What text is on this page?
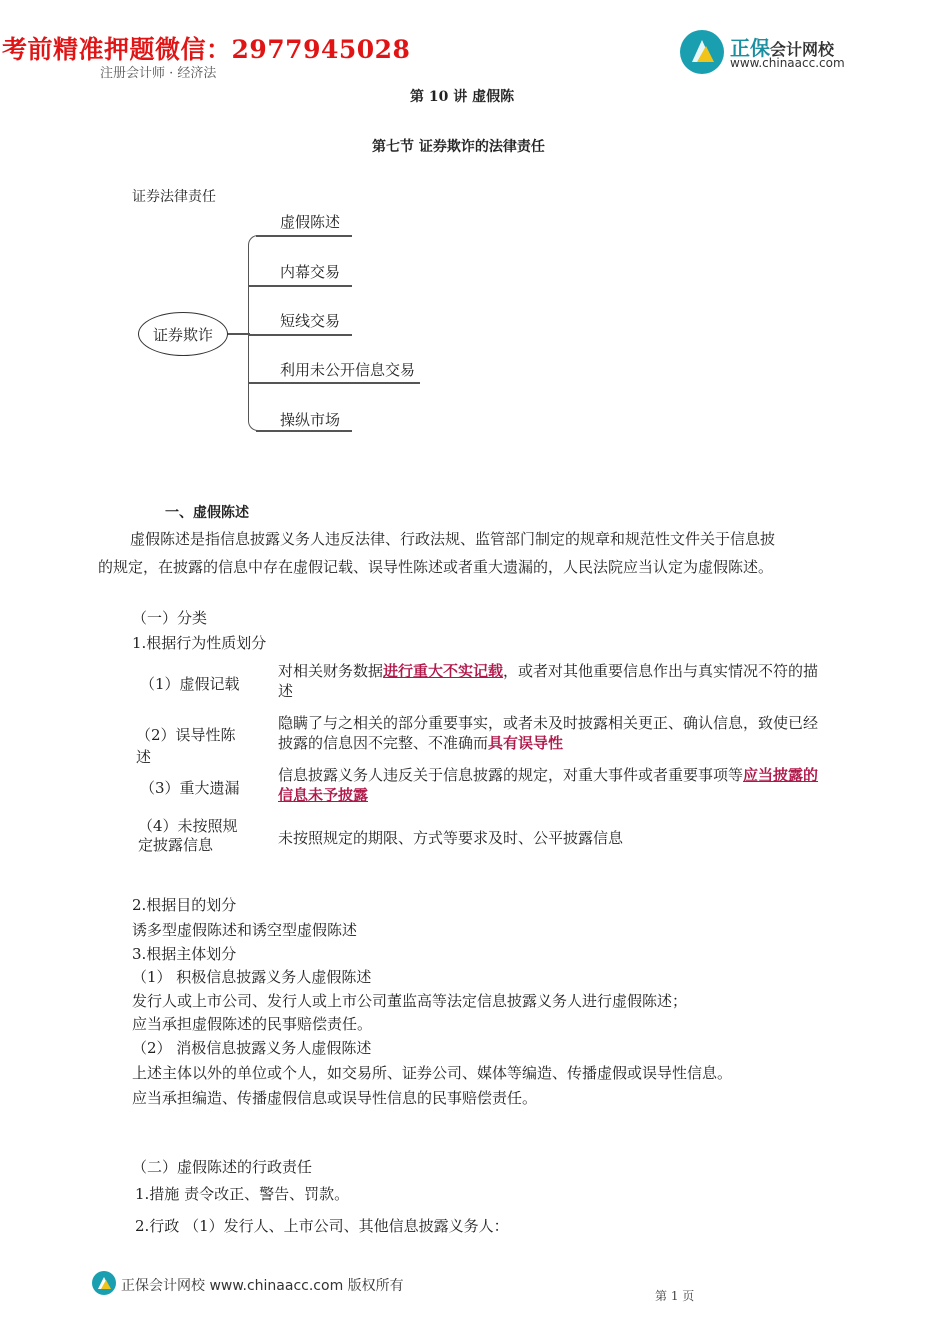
考前精准押题微信：2977945028	正保会计网校
www.chinaacc.com
注册会计师 · 经济法
第 10 讲 虚假陈
第七节 证券欺诈的法律责任
证券法律责任
证券欺诈
虚假陈述
内幕交易
短线交易
利用未公开信息交易
操纵市场
一、虚假陈述
虚假陈述是指信息披露义务人违反法律、行政法规、监管部门制定的规章和规范性文件关于信息披
的规定，在披露的信息中存在虚假记载、误导性陈述或者重大遗漏的，人民法院应当认定为虚假陈述。
（一）分类
1.根据行为性质划分
（1）虚假记载
对相关财务数据进行重大不实记载，或者对其他重要信息作出与真实情况不符的描述
（2）误导性陈述
隐瞒了与之相关的部分重要事实，或者未及时披露相关更正、确认信息，致使已经披露的信息因不完整、不准确而具有误导性
（3）重大遗漏
信息披露义务人违反关于信息披露的规定，对重大事件或者重要事项等应当披露的信息未予披露
（4）未按照规定披露信息	未按照规定的期限、方式等要求及时、公平披露信息
2.根据目的划分
诱多型虚假陈述和诱空型虚假陈述
3.根据主体划分
（1） 积极信息披露义务人虚假陈述
发行人或上市公司、发行人或上市公司董监高等法定信息披露义务人进行虚假陈述；
应当承担虚假陈述的民事赔偿责任。
（2） 消极信息披露义务人虚假陈述
上述主体以外的单位或个人，如交易所、证券公司、媒体等编造、传播虚假或误导性信息。
应当承担编造、传播虚假信息或误导性信息的民事赔偿责任。
（二）虚假陈述的行政责任
1.措施 责令改正、警告、罚款。
2.行政 （1）发行人、上市公司、其他信息披露义务人：
正保会计网校 www.chinaacc.com 版权所有
第 1 页
